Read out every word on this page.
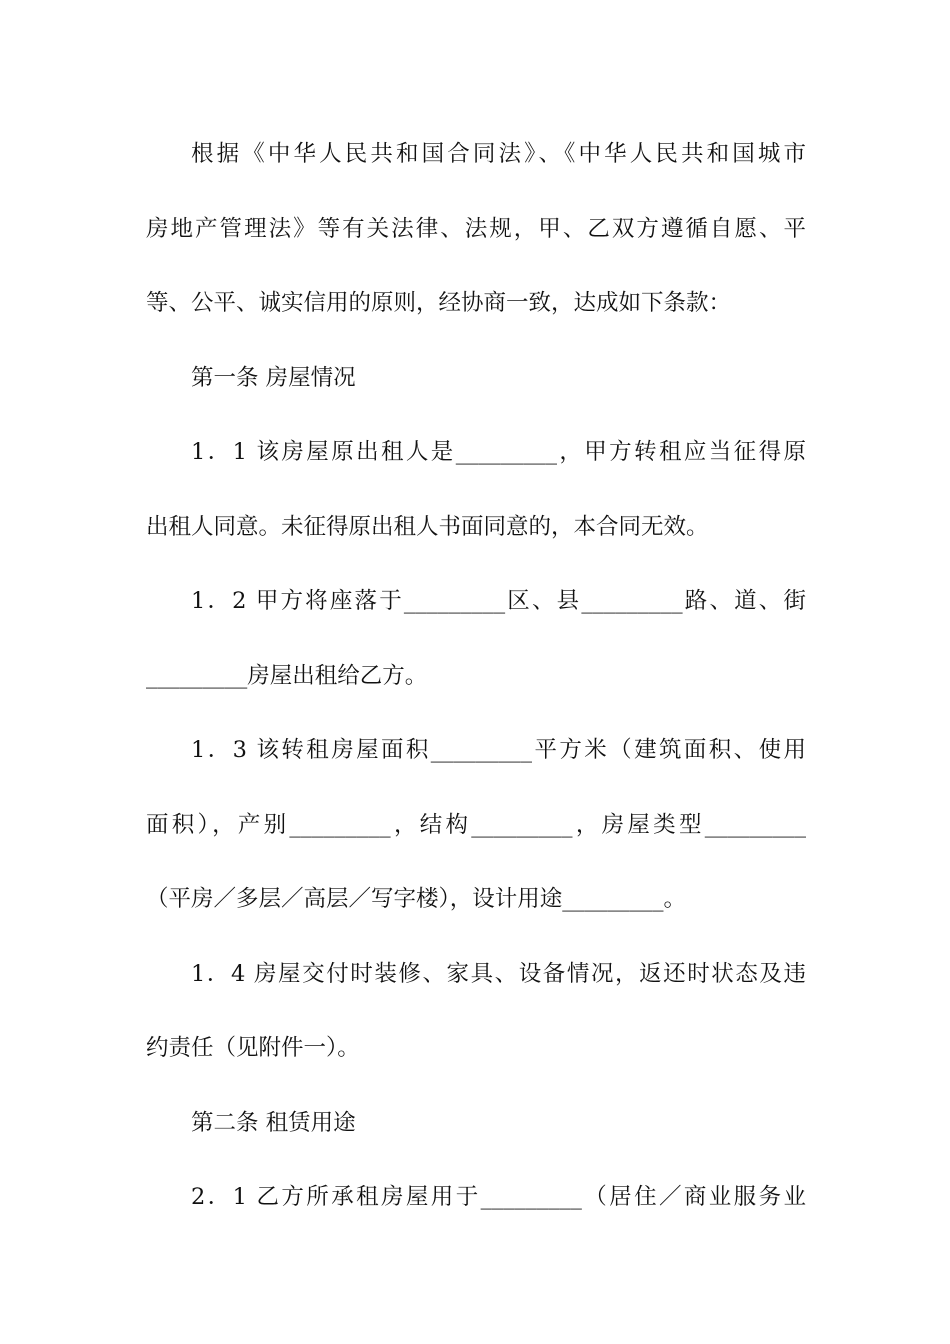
根据《中华人民共和国合同法》、《中华人民共和国城市
房地产管理法》等有关法律、法规，甲、乙双方遵循自愿、平
等、公平、诚实信用的原则，经协商一致，达成如下条款：
第一条 房屋情况
1．1 该房屋原出租人是_________，甲方转租应当征得原
出租人同意。未征得原出租人书面同意的，本合同无效。
1．2 甲方将座落于_________区、县_________路、道、街
_________房屋出租给乙方。
1．3 该转租房屋面积_________平方米（建筑面积、使用
面积），产别_________，结构_________，房屋类型_________
（平房／多层／高层／写字楼），设计用途_________。
1．4 房屋交付时装修、家具、设备情况，返还时状态及违
约责任（见附件一）。
第二条 租赁用途
2．1 乙方所承租房屋用于_________（居住／商业服务业
